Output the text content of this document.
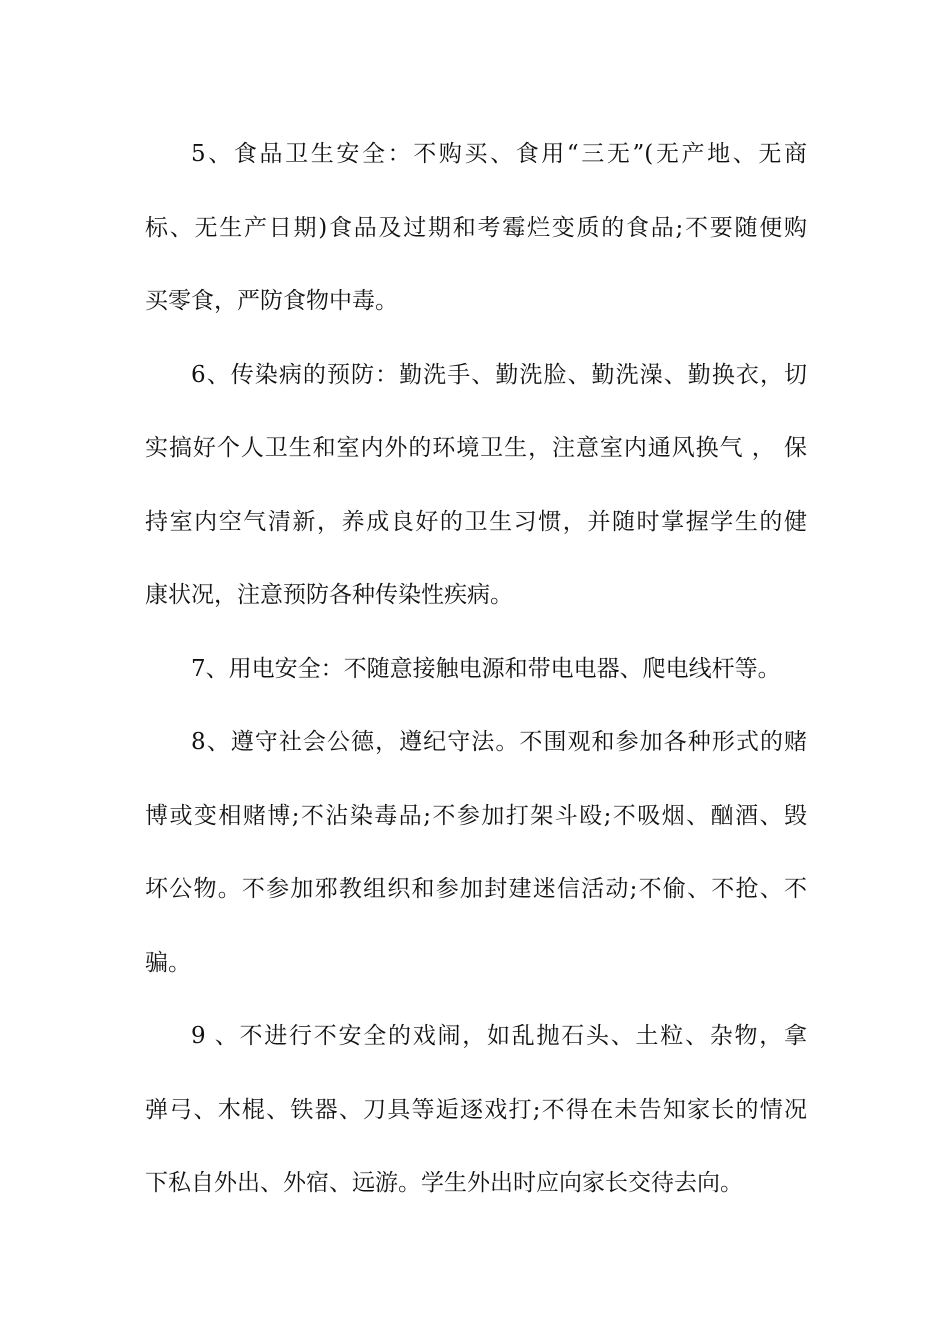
5、食品卫生安全：不购买、食用“三无”(无产地、无商
标、无生产日期)食品及过期和考霉烂变质的食品;不要随便购
买零食，严防食物中毒。
6、传染病的预防：勤洗手、勤洗脸、勤洗澡、勤换衣，切
实搞好个人卫生和室内外的环境卫生，注意室内通风换气 ， 保
持室内空气清新，养成良好的卫生习惯，并随时掌握学生的健
康状况，注意预防各种传染性疾病。
7、用电安全：不随意接触电源和带电电器、爬电线杆等。
8、遵守社会公德，遵纪守法。不围观和参加各种形式的赌
博或变相赌博;不沾染毒品;不参加打架斗殴;不吸烟、酗酒、毁
坏公物。不参加邪教组织和参加封建迷信活动;不偷、不抢、不
骗。
9 、不进行不安全的戏闹，如乱抛石头、土粒、杂物，拿
弹弓、木棍、铁器、刀具等逅逐戏打;不得在未告知家长的情况
下私自外出、外宿、远游。学生外出时应向家长交待去向。
